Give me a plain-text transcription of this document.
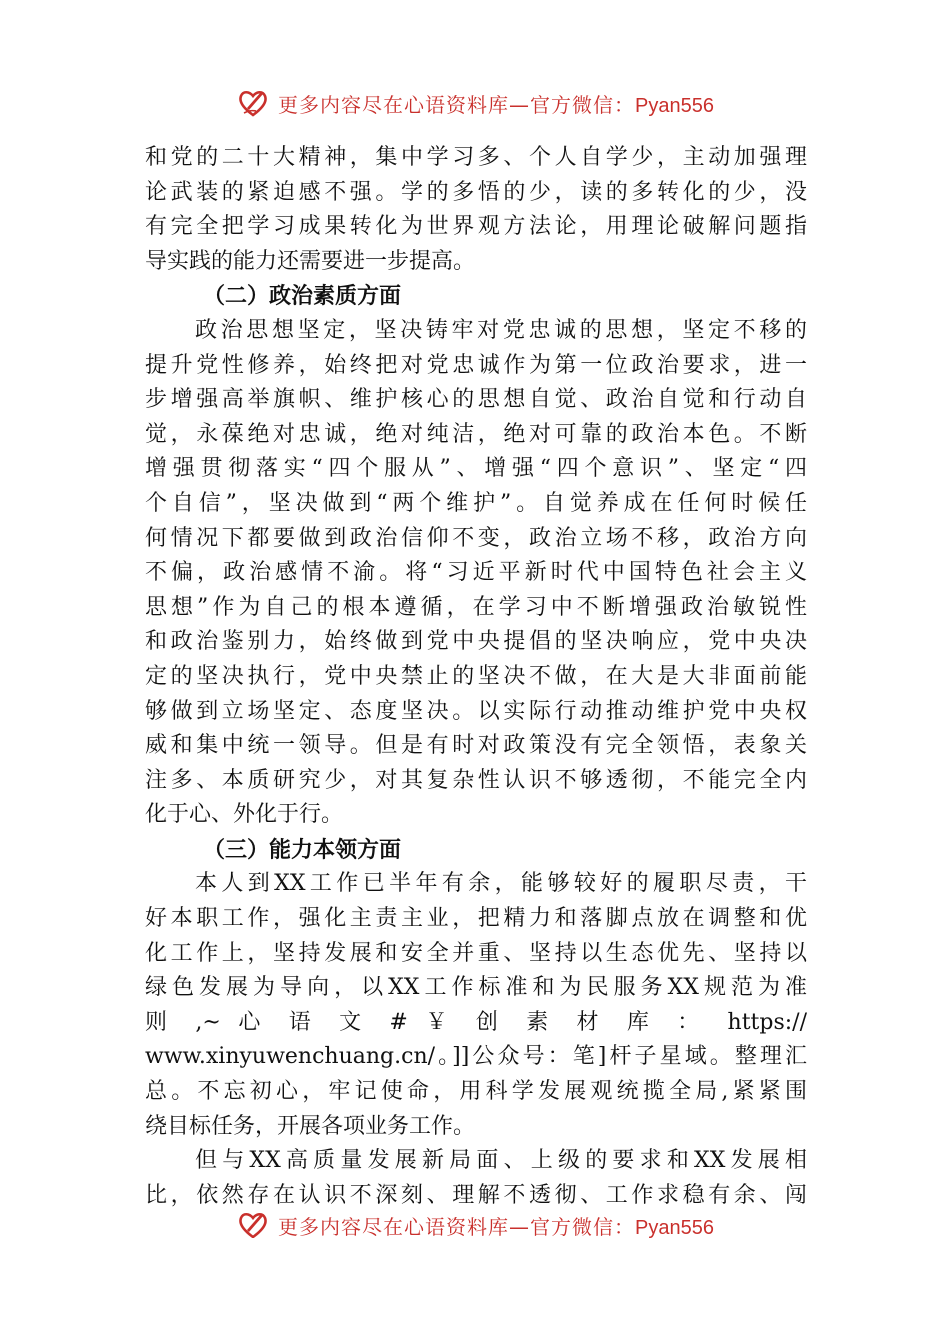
更多内容尽在心语资料库—官方微信：Pyan556
和党的二十大精神，集中学习多、个人自学少，主动加强理
论武装的紧迫感不强。学的多悟的少，读的多转化的少，没
有完全把学习成果转化为世界观方法论，用理论破解问题指
导实践的能力还需要进一步提高。
（二）政治素质方面
政治思想坚定，坚决铸牢对党忠诚的思想，坚定不移的
提升党性修养，始终把对党忠诚作为第一位政治要求，进一
步增强高举旗帜、维护核心的思想自觉、政治自觉和行动自
觉，永葆绝对忠诚，绝对纯洁，绝对可靠的政治本色。不断
增强贯彻落实“四个服从”、增强“四个意识”、坚定“四
个自信”，坚决做到“两个维护”。自觉养成在任何时候任
何情况下都要做到政治信仰不变，政治立场不移，政治方向
不偏，政治感情不渝。将“习近平新时代中国特色社会主义
思想”作为自己的根本遵循，在学习中不断增强政治敏锐性
和政治鉴别力，始终做到党中央提倡的坚决响应，党中央决
定的坚决执行，党中央禁止的坚决不做，在大是大非面前能
够做到立场坚定、态度坚决。以实际行动推动维护党中央权
威和集中统一领导。但是有时对政策没有完全领悟，表象关
注多、本质研究少，对其复杂性认识不够透彻，不能完全内
化于心、外化于行。
（三）能力本领方面
本人到XX工作已半年有余，能够较好的履职尽责，干
好本职工作，强化主责主业，把精力和落脚点放在调整和优
化工作上，坚持发展和安全并重、坚持以生态优先、坚持以
绿色发展为导向，以XX工作标准和为民服务XX规范为准
则 ,~ 心 语 文 # ￥ 创 素 材 库 ： https://
www.xinyuwenchuang.cn/。]]公众号：笔]杆子星域。整理汇
总。不忘初心，牢记使命，用科学发展观统揽全局,紧紧围
绕目标任务，开展各项业务工作。
但与XX高质量发展新局面、上级的要求和XX发展相
比，依然存在认识不深刻、理解不透彻、工作求稳有余、闯
更多内容尽在心语资料库—官方微信：Pyan556
